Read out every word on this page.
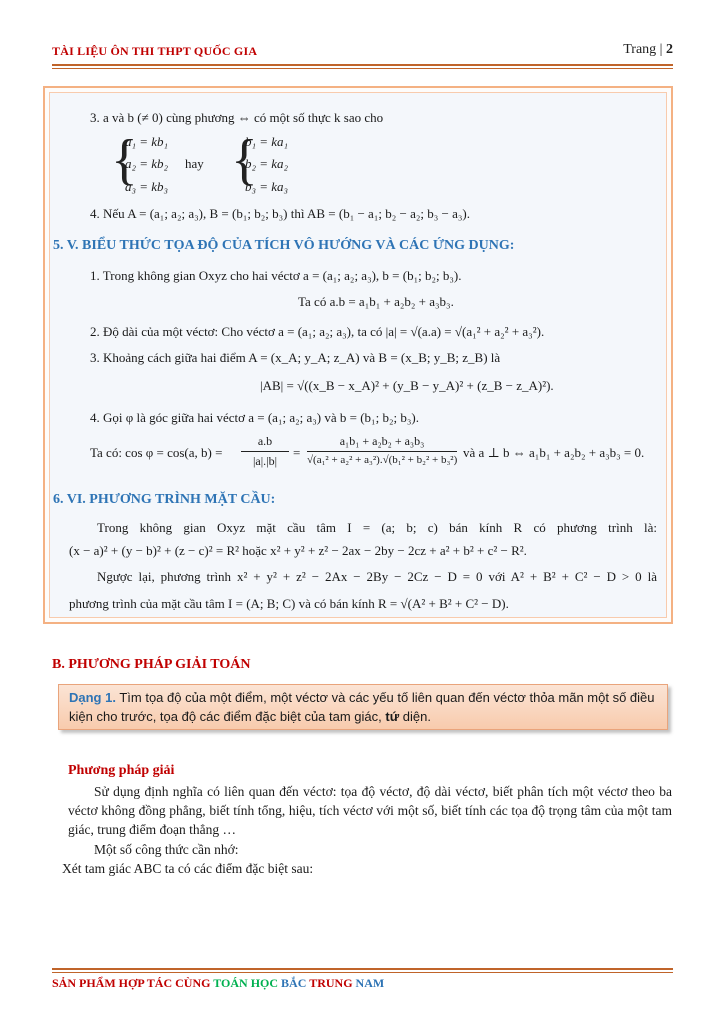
TÀI LIỆU ÔN THI THPT QUỐC GIA	Trang | 2
3. a và b (≠ 0) cùng phương ⇔ có một số thực k sao cho
{
a₁ = kb₁
a₂ = kb₂
a₃ = kb₃
hay {
b₁ = ka₁
b₂ = ka₂
b₃ = ka₃
4. Nếu A = (a₁; a₂; a₃), B = (b₁; b₂; b₃) thì AB = (b₁ − a₁; b₂ − a₂; b₃ − a₃).
5. V. BIỂU THỨC TỌA ĐỘ CỦA TÍCH VÔ HƯỚNG VÀ CÁC ỨNG DỤNG:
1. Trong không gian Oxyz cho hai véctơ a = (a₁; a₂; a₃), b = (b₁; b₂; b₃).
Ta có a.b = a₁b₁ + a₂b₂ + a₃b₃.
2. Độ dài của một véctơ: Cho véctơ a = (a₁; a₂; a₃), ta có |a| = √(a.a) = √(a₁² + a₂² + a₃²).
3. Khoảng cách giữa hai điểm A = (x_A; y_A; z_A) và B = (x_B; y_B; z_B) là
|AB| = √((x_B − x_A)² + (y_B − y_A)² + (z_B − z_A)²).
4. Gọi φ là góc giữa hai véctơ a = (a₁; a₂; a₃) và b = (b₁; b₂; b₃).
Ta có: cos φ = cos(a, b) =
a.b
|a|.|b|
=
a₁b₁ + a₂b₂ + a₃b₃
√(a₁² + a₂² + a₃²).√(b₁² + b₂² + b₃²) và a ⊥ b ⇔ a₁b₁ + a₂b₂ + a₃b₃ = 0.
6. VI. PHƯƠNG TRÌNH MẶT CẦU:
Trong không gian Oxyz mặt cầu tâm I = (a; b; c) bán kính R có phương trình là:
(x − a)² + (y − b)² + (z − c)² = R² hoặc x² + y² + z² − 2ax − 2by − 2cz + a² + b² + c² − R².
Ngược lại, phương trình x² + y² + z² − 2Ax − 2By − 2Cz − D = 0 với A² + B² + C² − D > 0 là
phương trình của mặt cầu tâm I = (A; B; C) và có bán kính R = √(A² + B² + C² − D).
B. PHƯƠNG PHÁP GIẢI TOÁN
Dạng 1. Tìm tọa độ của một điểm, một véctơ và các yếu tố liên quan đến véctơ thỏa mãn một số điều
kiện cho trước, tọa độ các điểm đặc biệt của tam giác, tứ diện.
Phương pháp giải
Sử dụng định nghĩa có liên quan đến véctơ: tọa độ véctơ, độ dài véctơ, biết phân tích một véctơ theo ba véctơ không đồng phẳng, biết tính tổng, hiệu, tích véctơ với một số, biết tính các tọa độ trọng tâm của một tam giác, trung điểm đoạn thẳng …
Một số công thức cần nhớ:
Xét tam giác ABC ta có các điểm đặc biệt sau:
SẢN PHẨM HỢP TÁC CÙNG TOÁN HỌC BẮC TRUNG NAM
